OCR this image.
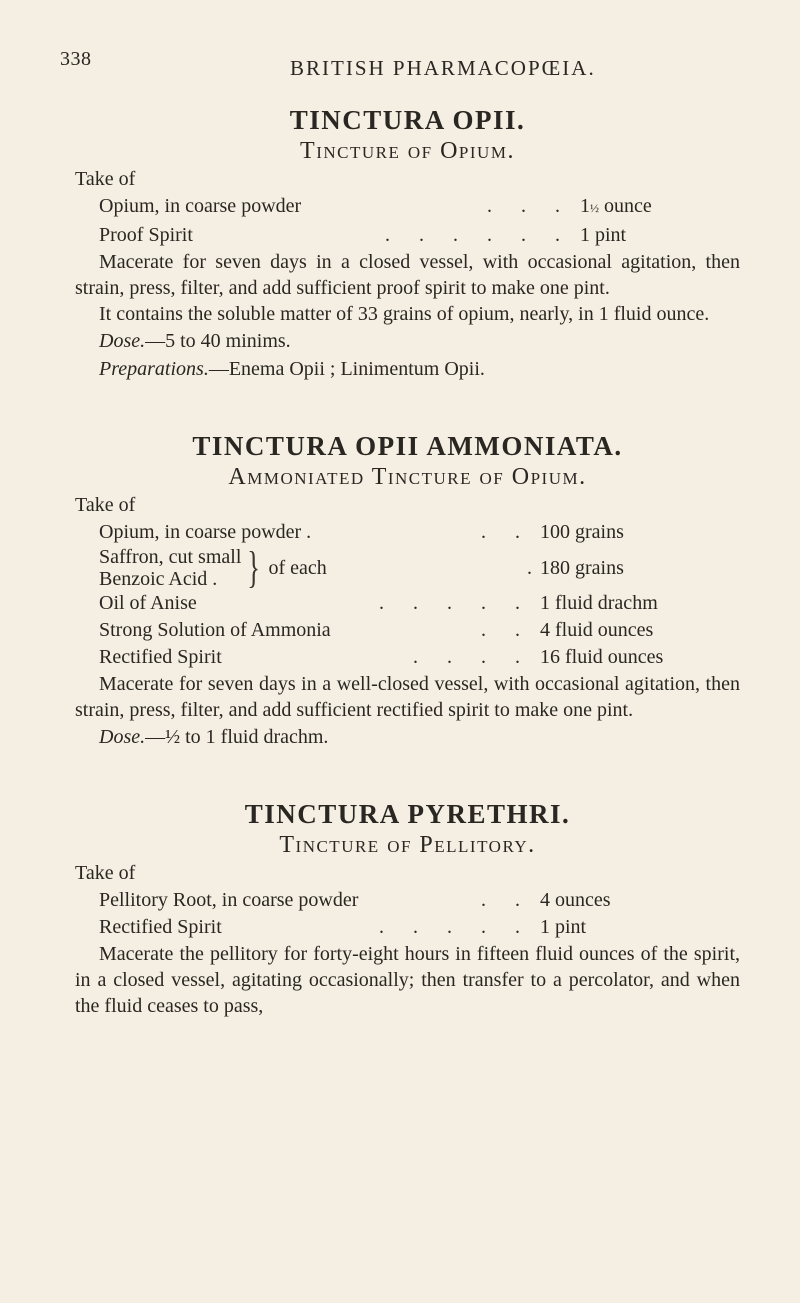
338	BRITISH PHARMACOPŒIA.
TINCTURA OPII.
Tincture of Opium.

Take of

Opium, in coarse powder	. . . 1½ ounce
Proof Spirit	. . . . . . 1 pint

Macerate for seven days in a closed vessel, with occasional agitation, then strain, press, filter, and add sufficient proof spirit to make one pint.

It contains the soluble matter of 33 grains of opium, nearly, in 1 fluid ounce.

Dose.—5 to 40 minims.

Preparations.—Enema Opii ; Linimentum Opii.

TINCTURA OPII AMMONIATA.
Ammoniated Tincture of Opium.

Take of

Opium, in coarse powder .	. . 100 grains
Saffron, cut small
Benzoic Acid . } of each	. 180 grains
Oil of Anise	. . . . . 1 fluid drachm
Strong Solution of Ammonia	. . 4 fluid ounces
Rectified Spirit	. . . . 16 fluid ounces

Macerate for seven days in a well-closed vessel, with occasional agitation, then strain, press, filter, and add sufficient rectified spirit to make one pint.

Dose.—½ to 1 fluid drachm.

TINCTURA PYRETHRI.
Tincture of Pellitory.

Take of

Pellitory Root, in coarse powder	. . 4 ounces
Rectified Spirit	. . . . . 1 pint

Macerate the pellitory for forty-eight hours in fifteen fluid ounces of the spirit, in a closed vessel, agitating occasionally; then transfer to a percolator, and when the fluid ceases to pass,
